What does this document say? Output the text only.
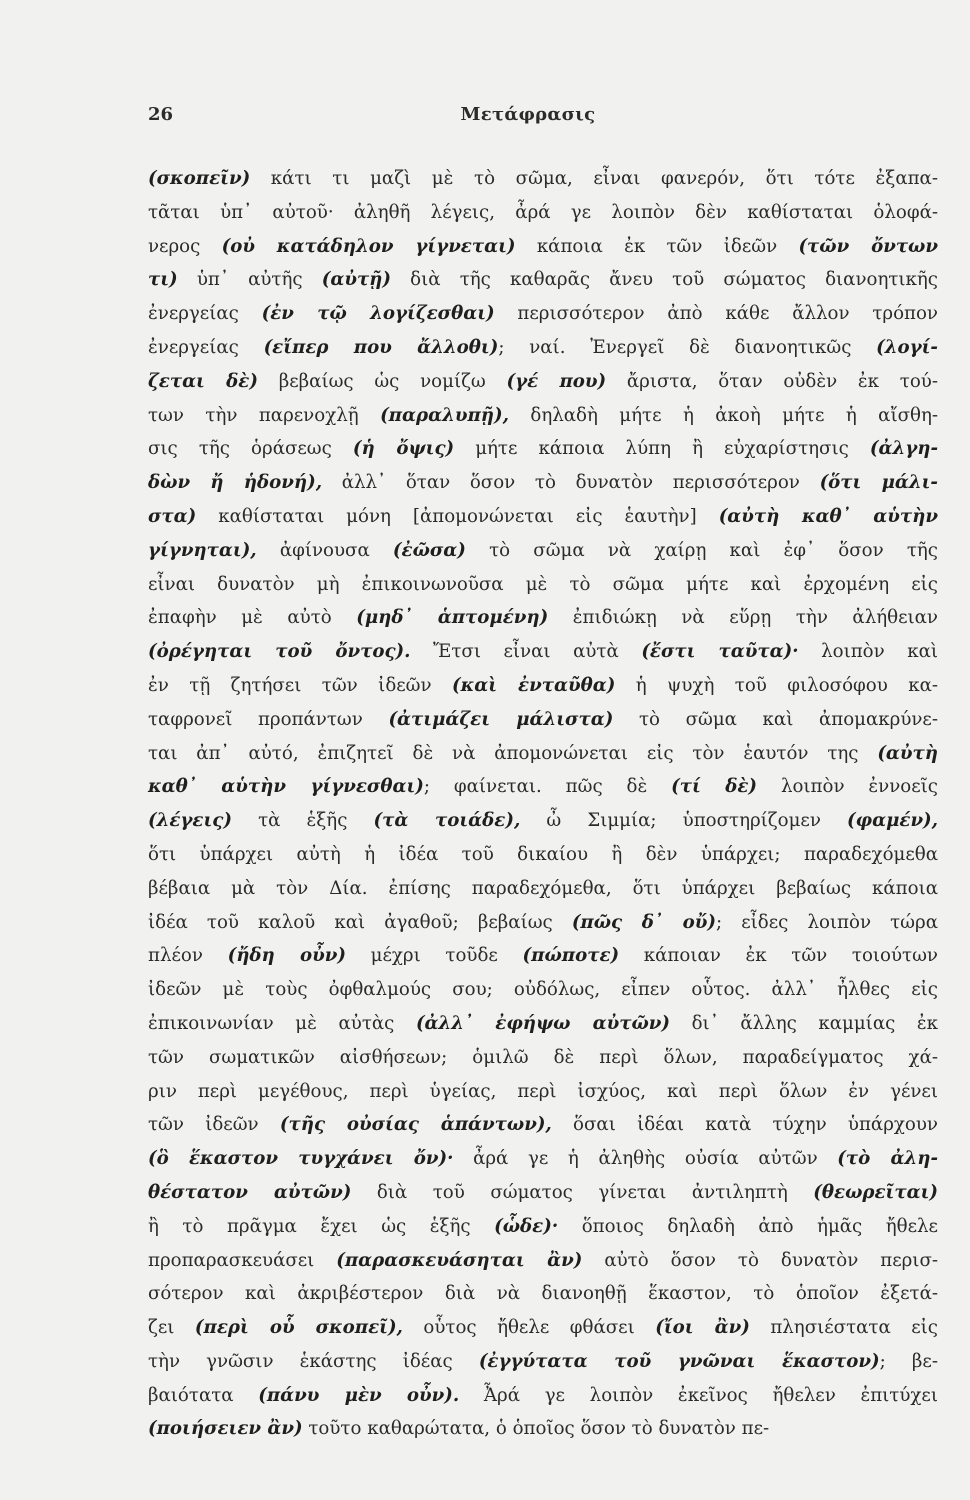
26	Μετάφρασις
(σκοπεῖν) κάτι τι μαζὶ μὲ τὸ σῶμα, εἶναι φανερόν, ὅτι τότε ἐξαπα-
τᾶται ὑπ᾽ αὐτοῦ· ἀληθῆ λέγεις, ἆρά γε λοιπὸν δὲν καθίσταται ὁλοφά-
νερος (οὐ κατάδηλον γίγνεται) κάποια ἐκ τῶν ἰδεῶν (τῶν ὄντων
τι) ὑπ᾽ αὐτῆς (αὐτῇ) διὰ τῆς καθαρᾶς ἄνευ τοῦ σώματος διανοητικῆς
ἐνεργείας (ἐν τῷ λογίζεσθαι) περισσότερον ἀπὸ κάθε ἄλλον τρόπον
ἐνεργείας (εἴπερ που ἄλλοθι); ναί. Ἐνεργεῖ δὲ διανοητικῶς (λογί-
ζεται δὲ) βεβαίως ὡς νομίζω (γέ που) ἄριστα, ὅταν οὐδὲν ἐκ τού-
των τὴν παρενοχλῇ (παραλυπῇ), δηλαδὴ μήτε ἡ ἀκοὴ μήτε ἡ αἴσθη-
σις τῆς ὁράσεως (ἡ ὄψις) μήτε κάποια λύπη ἢ εὐχαρίστησις (ἀλγη-
δὼν ἤ ἡδονή), ἀλλ᾽ ὅταν ὅσον τὸ δυνατὸν περισσότερον (ὅτι μάλι-
στα) καθίσταται μόνη [ἀπομονώνεται εἰς ἑαυτὴν] (αὐτὴ καθ᾽ αὑτὴν
γίγνηται), ἀφίνουσα (ἐῶσα) τὸ σῶμα νὰ χαίρῃ καὶ ἐφ᾽ ὅσον τῆς
εἶναι δυνατὸν μὴ ἐπικοινωνοῦσα μὲ τὸ σῶμα μήτε καὶ ἐρχομένη εἰς
ἐπαφὴν μὲ αὐτὸ (μηδ᾽ ἁπτομένη) ἐπιδιώκῃ νὰ εὕρῃ τὴν ἀλήθειαν
(ὀρέγηται τοῦ ὄντος). Ἔτσι εἶναι αὐτὰ (ἔστι ταῦτα)· λοιπὸν καὶ
ἐν τῇ ζητήσει τῶν ἰδεῶν (καὶ ἐνταῦθα) ἡ ψυχὴ τοῦ φιλοσόφου κα-
ταφρονεῖ προπάντων (ἀτιμάζει μάλιστα) τὸ σῶμα καὶ ἀπομακρύνε-
ται ἀπ᾽ αὐτό, ἐπιζητεῖ δὲ νὰ ἀπομονώνεται εἰς τὸν ἑαυτόν της (αὐτὴ
καθ᾽ αὑτὴν γίγνεσθαι); φαίνεται. πῶς δὲ (τί δὲ) λοιπὸν ἐννοεῖς
(λέγεις) τὰ ἑξῆς (τὰ τοιάδε), ὦ Σιμμία; ὑποστηρίζομεν (φαμέν),
ὅτι ὑπάρχει αὐτὴ ἡ ἰδέα τοῦ δικαίου ἢ δὲν ὑπάρχει; παραδεχόμεθα
βέβαια μὰ τὸν Δία. ἐπίσης παραδεχόμεθα, ὅτι ὑπάρχει βεβαίως κάποια
ἰδέα τοῦ καλοῦ καὶ ἀγαθοῦ; βεβαίως (πῶς δ᾽ οὔ); εἶδες λοιπὸν τώρα
πλέον (ἤδη οὖν) μέχρι τοῦδε (πώποτε) κάποιαν ἐκ τῶν τοιούτων
ἰδεῶν μὲ τοὺς ὀφθαλμούς σου; οὐδόλως, εἶπεν οὗτος. ἀλλ᾽ ἦλθες εἰς
ἐπικοινωνίαν μὲ αὐτὰς (ἀλλ᾽ ἐφήψω αὐτῶν) δι᾽ ἄλλης καμμίας ἐκ
τῶν σωματικῶν αἰσθήσεων; ὁμιλῶ δὲ περὶ ὅλων, παραδείγματος χά-
ριν περὶ μεγέθους, περὶ ὑγείας, περὶ ἰσχύος, καὶ περὶ ὅλων ἐν γένει
τῶν ἰδεῶν (τῆς οὐσίας ἁπάντων), ὅσαι ἰδέαι κατὰ τύχην ὑπάρχουν
(ὃ ἕκαστον τυγχάνει ὄν)· ἆρά γε ἡ ἀληθὴς οὐσία αὐτῶν (τὸ ἀλη-
θέστατον αὐτῶν) διὰ τοῦ σώματος γίνεται ἀντιληπτὴ (θεωρεῖται)
ἢ τὸ πρᾶγμα ἔχει ὡς ἑξῆς (ὧδε)· ὅποιος δηλαδὴ ἀπὸ ἡμᾶς ἤθελε
προπαρασκευάσει (παρασκευάσηται ἂν) αὐτὸ ὅσον τὸ δυνατὸν περισ-
σότερον καὶ ἀκριβέστερον διὰ νὰ διανοηθῇ ἕκαστον, τὸ ὁποῖον ἐξετά-
ζει (περὶ οὗ σκοπεῖ), οὗτος ἤθελε φθάσει (ἴοι ἂν) πλησιέστατα εἰς
τὴν γνῶσιν ἑκάστης ἰδέας (ἐγγύτατα τοῦ γνῶναι ἕκαστον); βε-
βαιότατα (πάνυ μὲν οὖν). Ἆρά γε λοιπὸν ἐκεῖνος ἤθελεν ἐπιτύχει
(ποιήσειεν ἂν) τοῦτο καθαρώτατα, ὁ ὁποῖος ὅσον τὸ δυνατὸν πε-
